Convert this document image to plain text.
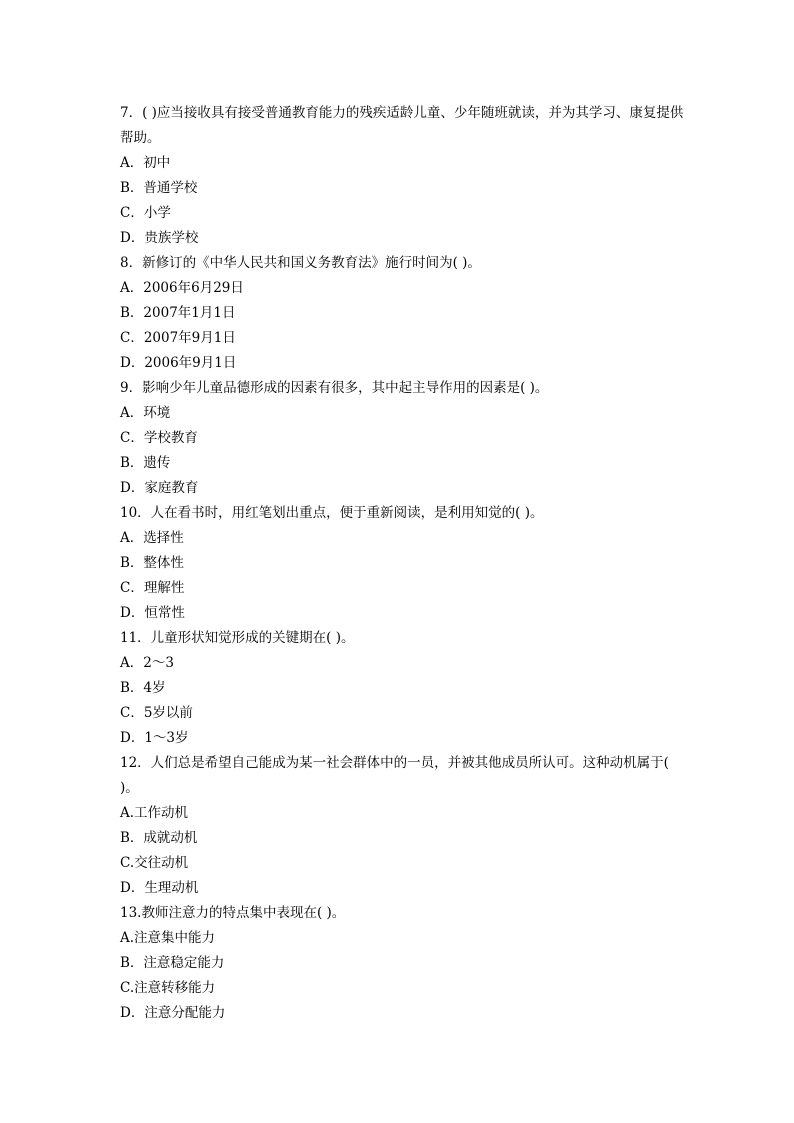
7．( )应当接收具有接受普通教育能力的残疾适龄儿童、少年随班就读，并为其学习、康复提供帮助。
A．初中
B．普通学校
C．小学
D．贵族学校
8．新修订的《中华人民共和国义务教育法》施行时间为( )。
A．2006年6月29日
B．2007年1月1日
C．2007年9月1日
D．2006年9月1日
9．影响少年儿童品德形成的因素有很多，其中起主导作用的因素是( )。
A．环境
C．学校教育
B．遗传
D．家庭教育
10．人在看书时，用红笔划出重点，便于重新阅读，是利用知觉的( )。
A．选择性
B．整体性
C．理解性
D．恒常性
11．儿童形状知觉形成的关键期在( )。
A．2～3
B．4岁
C．5岁以前
D．1～3岁
12．人们总是希望自己能成为某一社会群体中的一员，并被其他成员所认可。这种动机属于( )。
A.工作动机
B．成就动机
C.交往动机
D．生理动机
13.教师注意力的特点集中表现在( )。
A.注意集中能力
B．注意稳定能力
C.注意转移能力
D．注意分配能力
